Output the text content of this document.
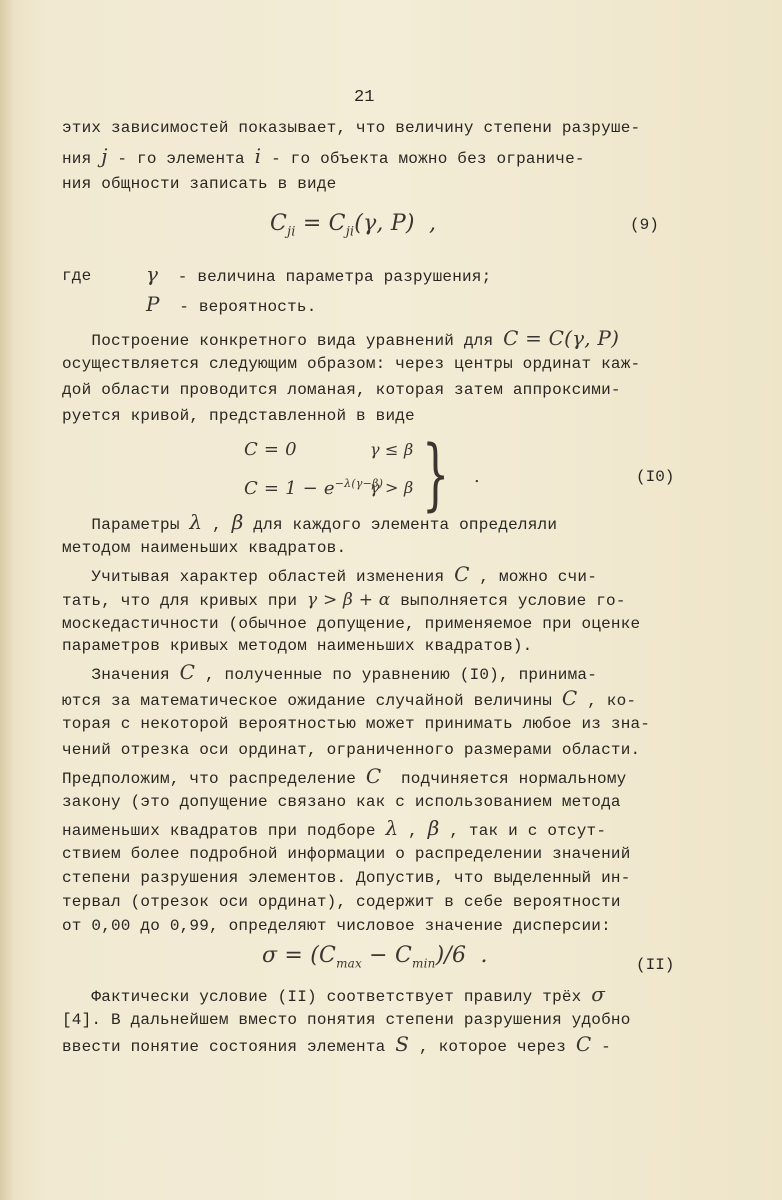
21
этих зависимостей показывает, что величину степени разруше-
ния j - го элемента i - го объекта можно без ограниче-
ния общности записать в виде
$C_{ji} = C_{ji}(\gamma$, P)  ,	(9)
где	γ - величина параметра разрушения;
P - вероятность.
Построение конкретного вида уравнений для C = C(γ, P)
осуществляется следующим образом: через центры ординат каж-
дой области проводится ломаная, которая затем аппроксими-
руется кривой, представленной в виде
C = 0	γ ≤ β
$C = 1 - e^{-\lambda(\gamma-\beta)}$
γ > β } .	(I0)
Параметры λ , β для каждого элемента определяли
методом наименьших квадратов.
Учитывая характер областей изменения C , можно счи-
тать, что для кривых при γ > β + α выполняется условие го-
москедастичности (обычное допущение, применяемое при оценке
параметров кривых методом наименьших квадратов).
Значения C , полученные по уравнению (I0), принима-
ются за математическое ожидание случайной величины C , ко-
торая с некоторой вероятностью может принимать любое из зна-
чений отрезка оси ординат, ограниченного размерами области.
Предположим, что распределение C  подчиняется нормальному
закону (это допущение связано как с использованием метода
наименьших квадратов при подборе λ , β , так и с отсут-
ствием более подробной информации о распределении значений
степени разрушения элементов. Допустив, что выделенный ин-
тервал (отрезок оси ординат), содержит в себе вероятности
от 0,00 до 0,99, определяют числовое значение дисперсии:
$\sigma = (C_{max} - C_{min})/6$  .	(II)
Фактически условие (II) соответствует правилу трёх σ
[4]. В дальнейшем вместо понятия степени разрушения удобно
ввести понятие состояния элемента S , которое через C -
